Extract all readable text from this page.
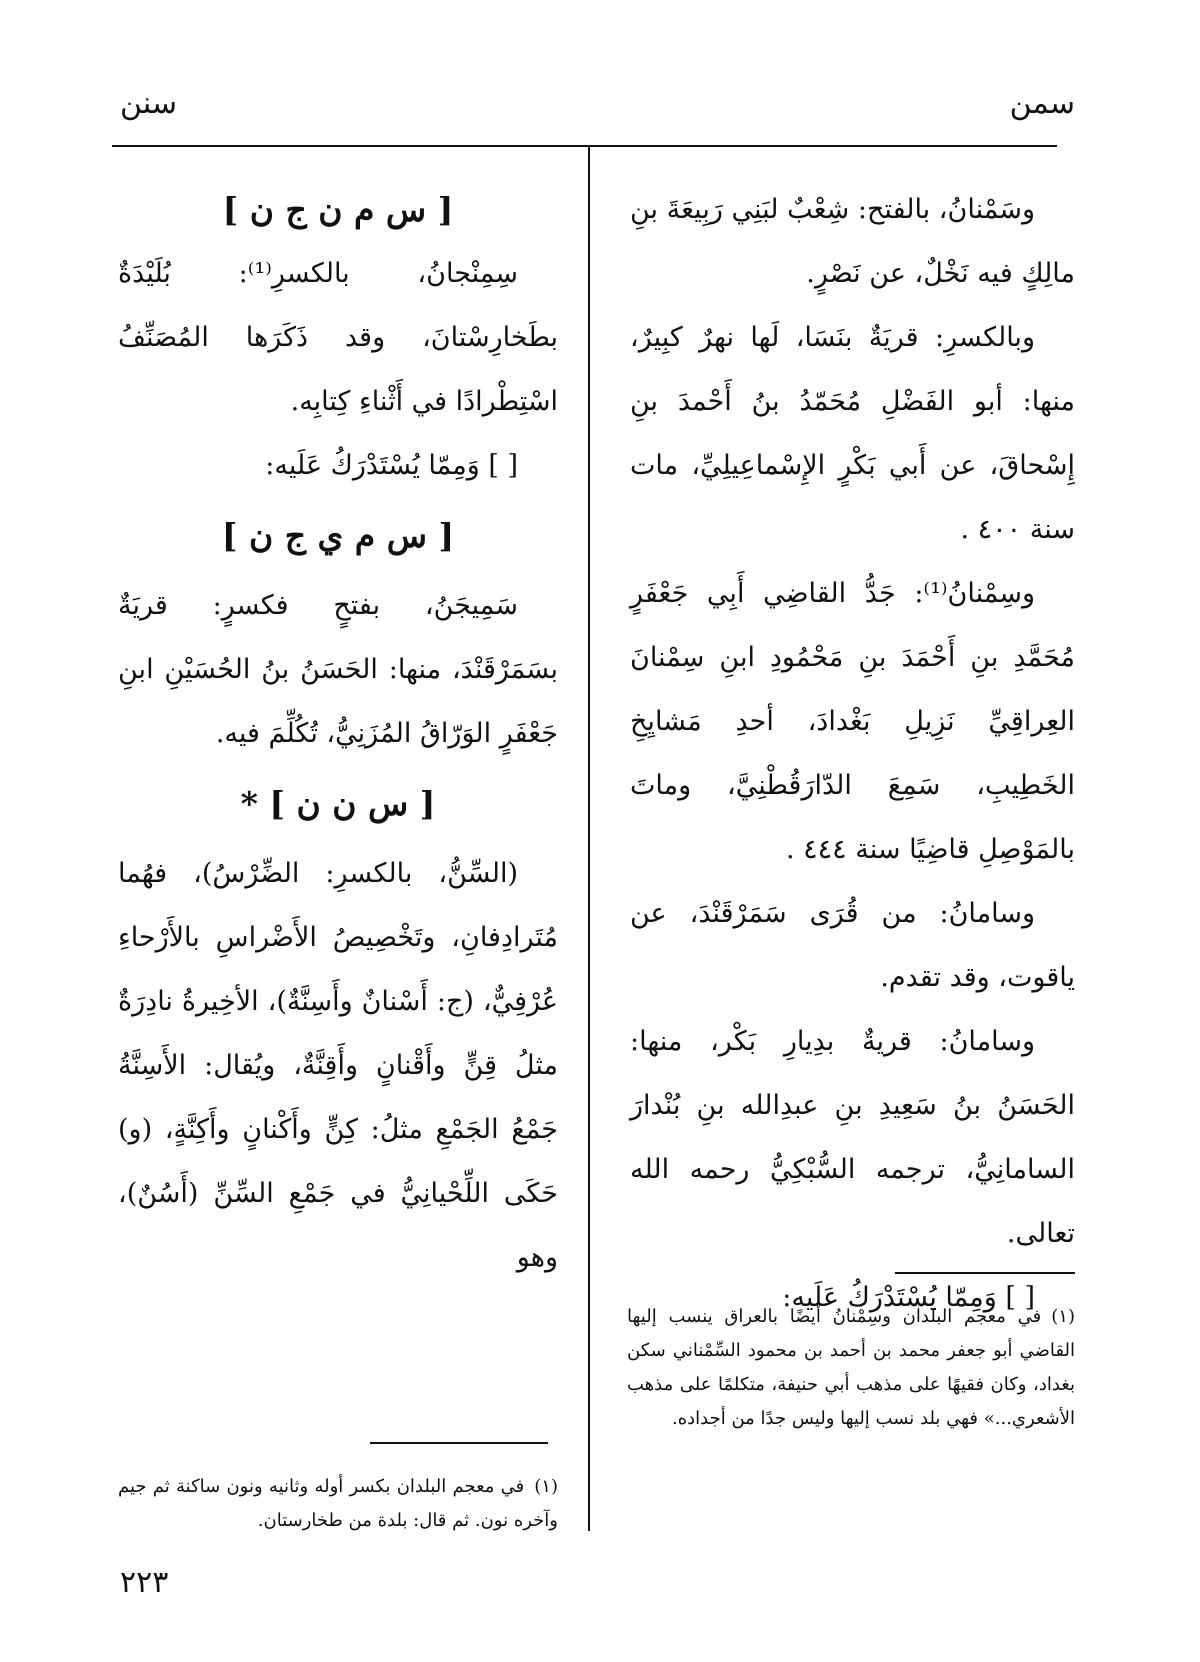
سمن
سنن

وسَمْنانُ، بالفتح: شِعْبٌ لبَنِي رَبِيعَةَ بنِ مالِكٍ فيه نَخْلٌ، عن نَصْرٍ.

وبالكسرِ: قريَةٌ بنَسَا، لَها نهرٌ كبِيرٌ، منها: أبو الفَضْلِ مُحَمّدُ بنُ أَحْمدَ بنِ إِسْحاقَ، عن أَبي بَكْرٍ الإِسْماعِيلِيِّ، مات سنة ٤٠٠ .

وسِمْنانُ⁽¹⁾: جَدُّ القاضِي أَبِي جَعْفَرٍ مُحَمَّدِ بنِ أَحْمَدَ بنِ مَحْمُودِ ابنِ سِمْنانَ العِراقِيِّ نَزِيلِ بَغْدادَ، أحدِ مَشايِخِ الخَطِيبِ، سَمِعَ الدّارَقُطْنِيَّ، وماتَ بالمَوْصِلِ قاضِيًا سنة ٤٤٤ .

وسامانُ: من قُرَى سَمَرْقَنْدَ، عن ياقوت، وقد تقدم.

وسامانُ: قريةٌ بدِيارِ بَكْر، منها: الحَسَنُ بنُ سَعِيدِ بنِ عبدِالله بنِ بُنْدارَ السامانِيُّ، ترجمه السُّبْكِيُّ رحمه الله تعالى.

[ ] وَمِمّا يُسْتَدْرَكُ عَلَيه:

(١)في معجم البلدان وسِمْنانُ أيضًا بالعراق ينسب إليها القاضي أبو جعفر محمد بن أحمد بن محمود السِّمْناني سكن بغداد، وكان فقيهًا على مذهب أبي حنيفة، متكلمًا على مذهب الأشعري...» فهي بلد نسب إليها وليس جدًا من أجداده.

[ س م ن ج ن ]

سِمِنْجانُ، بالكسرِ⁽¹⁾: بُلَيْدَةٌ بطَخارِسْتانَ، وقد ذَكَرَها المُصَنِّفُ اسْتِطْرادًا في أَثْناءِ كِتابِه.

[ ] وَمِمّا يُسْتَدْرَكُ عَلَيه:

[ س م ي ج ن ]

سَمِيجَنُ، بفتحٍ فكسرٍ: قريَةٌ بسَمَرْقَنْدَ، منها: الحَسَنُ بنُ الحُسَيْنِ ابنِ جَعْفَرٍ الوَرّاقُ المُزَنِيُّ، تُكُلِّمَ فيه.

[ س ن ن ] *

(السِّنُّ، بالكسرِ: الضِّرْسُ)، فهُما مُتَرادِفانِ، وتَخْصِيصُ الأَضْراسِ بالأَرْحاءِ عُرْفِيٌّ، (ج: أَسْنانٌ وأَسِنَّةٌ)، الأخِيرةُ نادِرَةٌ مثلُ قِنٍّ وأَقْنانٍ وأَقِنَّةٌ، ويُقال: الأَسِنَّةُ جَمْعُ الجَمْعِ مثلُ: كِنٍّ وأَكْنانٍ وأَكِنَّةٍ، (و) حَكَى اللِّحْيانِيُّ في جَمْعِ السِّنِّ (أَسُنٌ)، وهو

(١)في معجم البلدان بكسر أوله وثانيه ونون ساكنة ثم جيم وآخره نون. ثم قال: بلدة من طخارستان.
٢٢٣
